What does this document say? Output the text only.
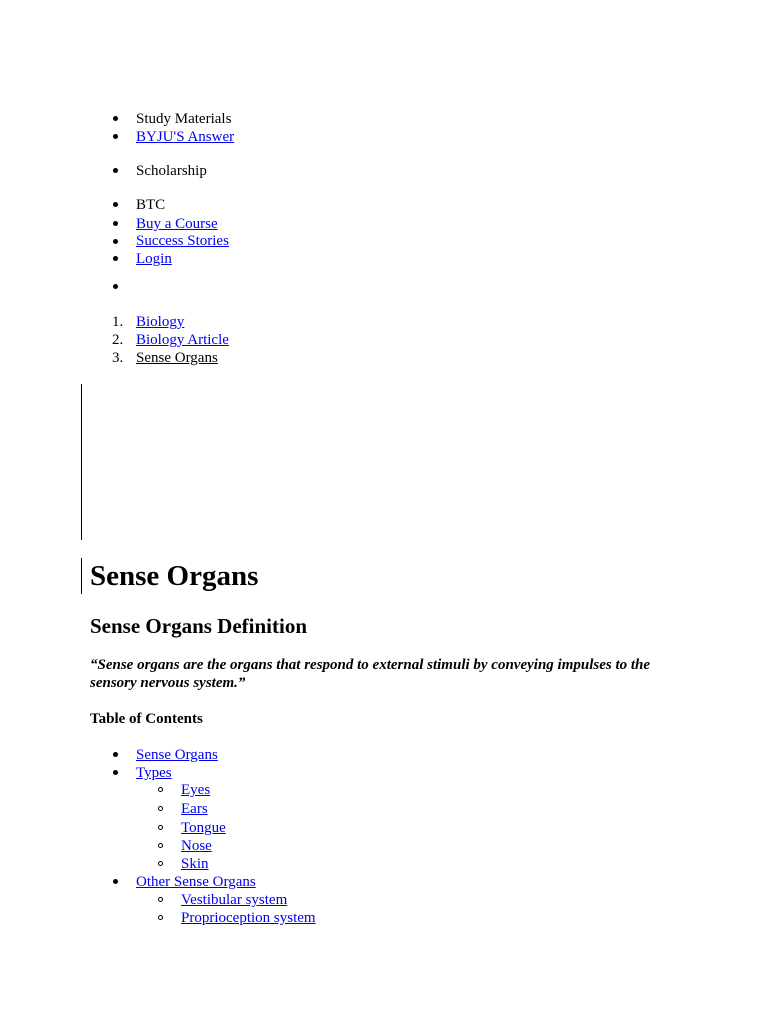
Study Materials
BYJU'S Answer
Scholarship
BTC
Buy a Course
Success Stories
Login
1. Biology
2. Biology Article
3. Sense Organs
Sense Organs
Sense Organs Definition
“Sense organs are the organs that respond to external stimuli by conveying impulses to the sensory nervous system.”
Table of Contents
Sense Organs
Types
Eyes
Ears
Tongue
Nose
Skin
Other Sense Organs
Vestibular system
Proprioception system
